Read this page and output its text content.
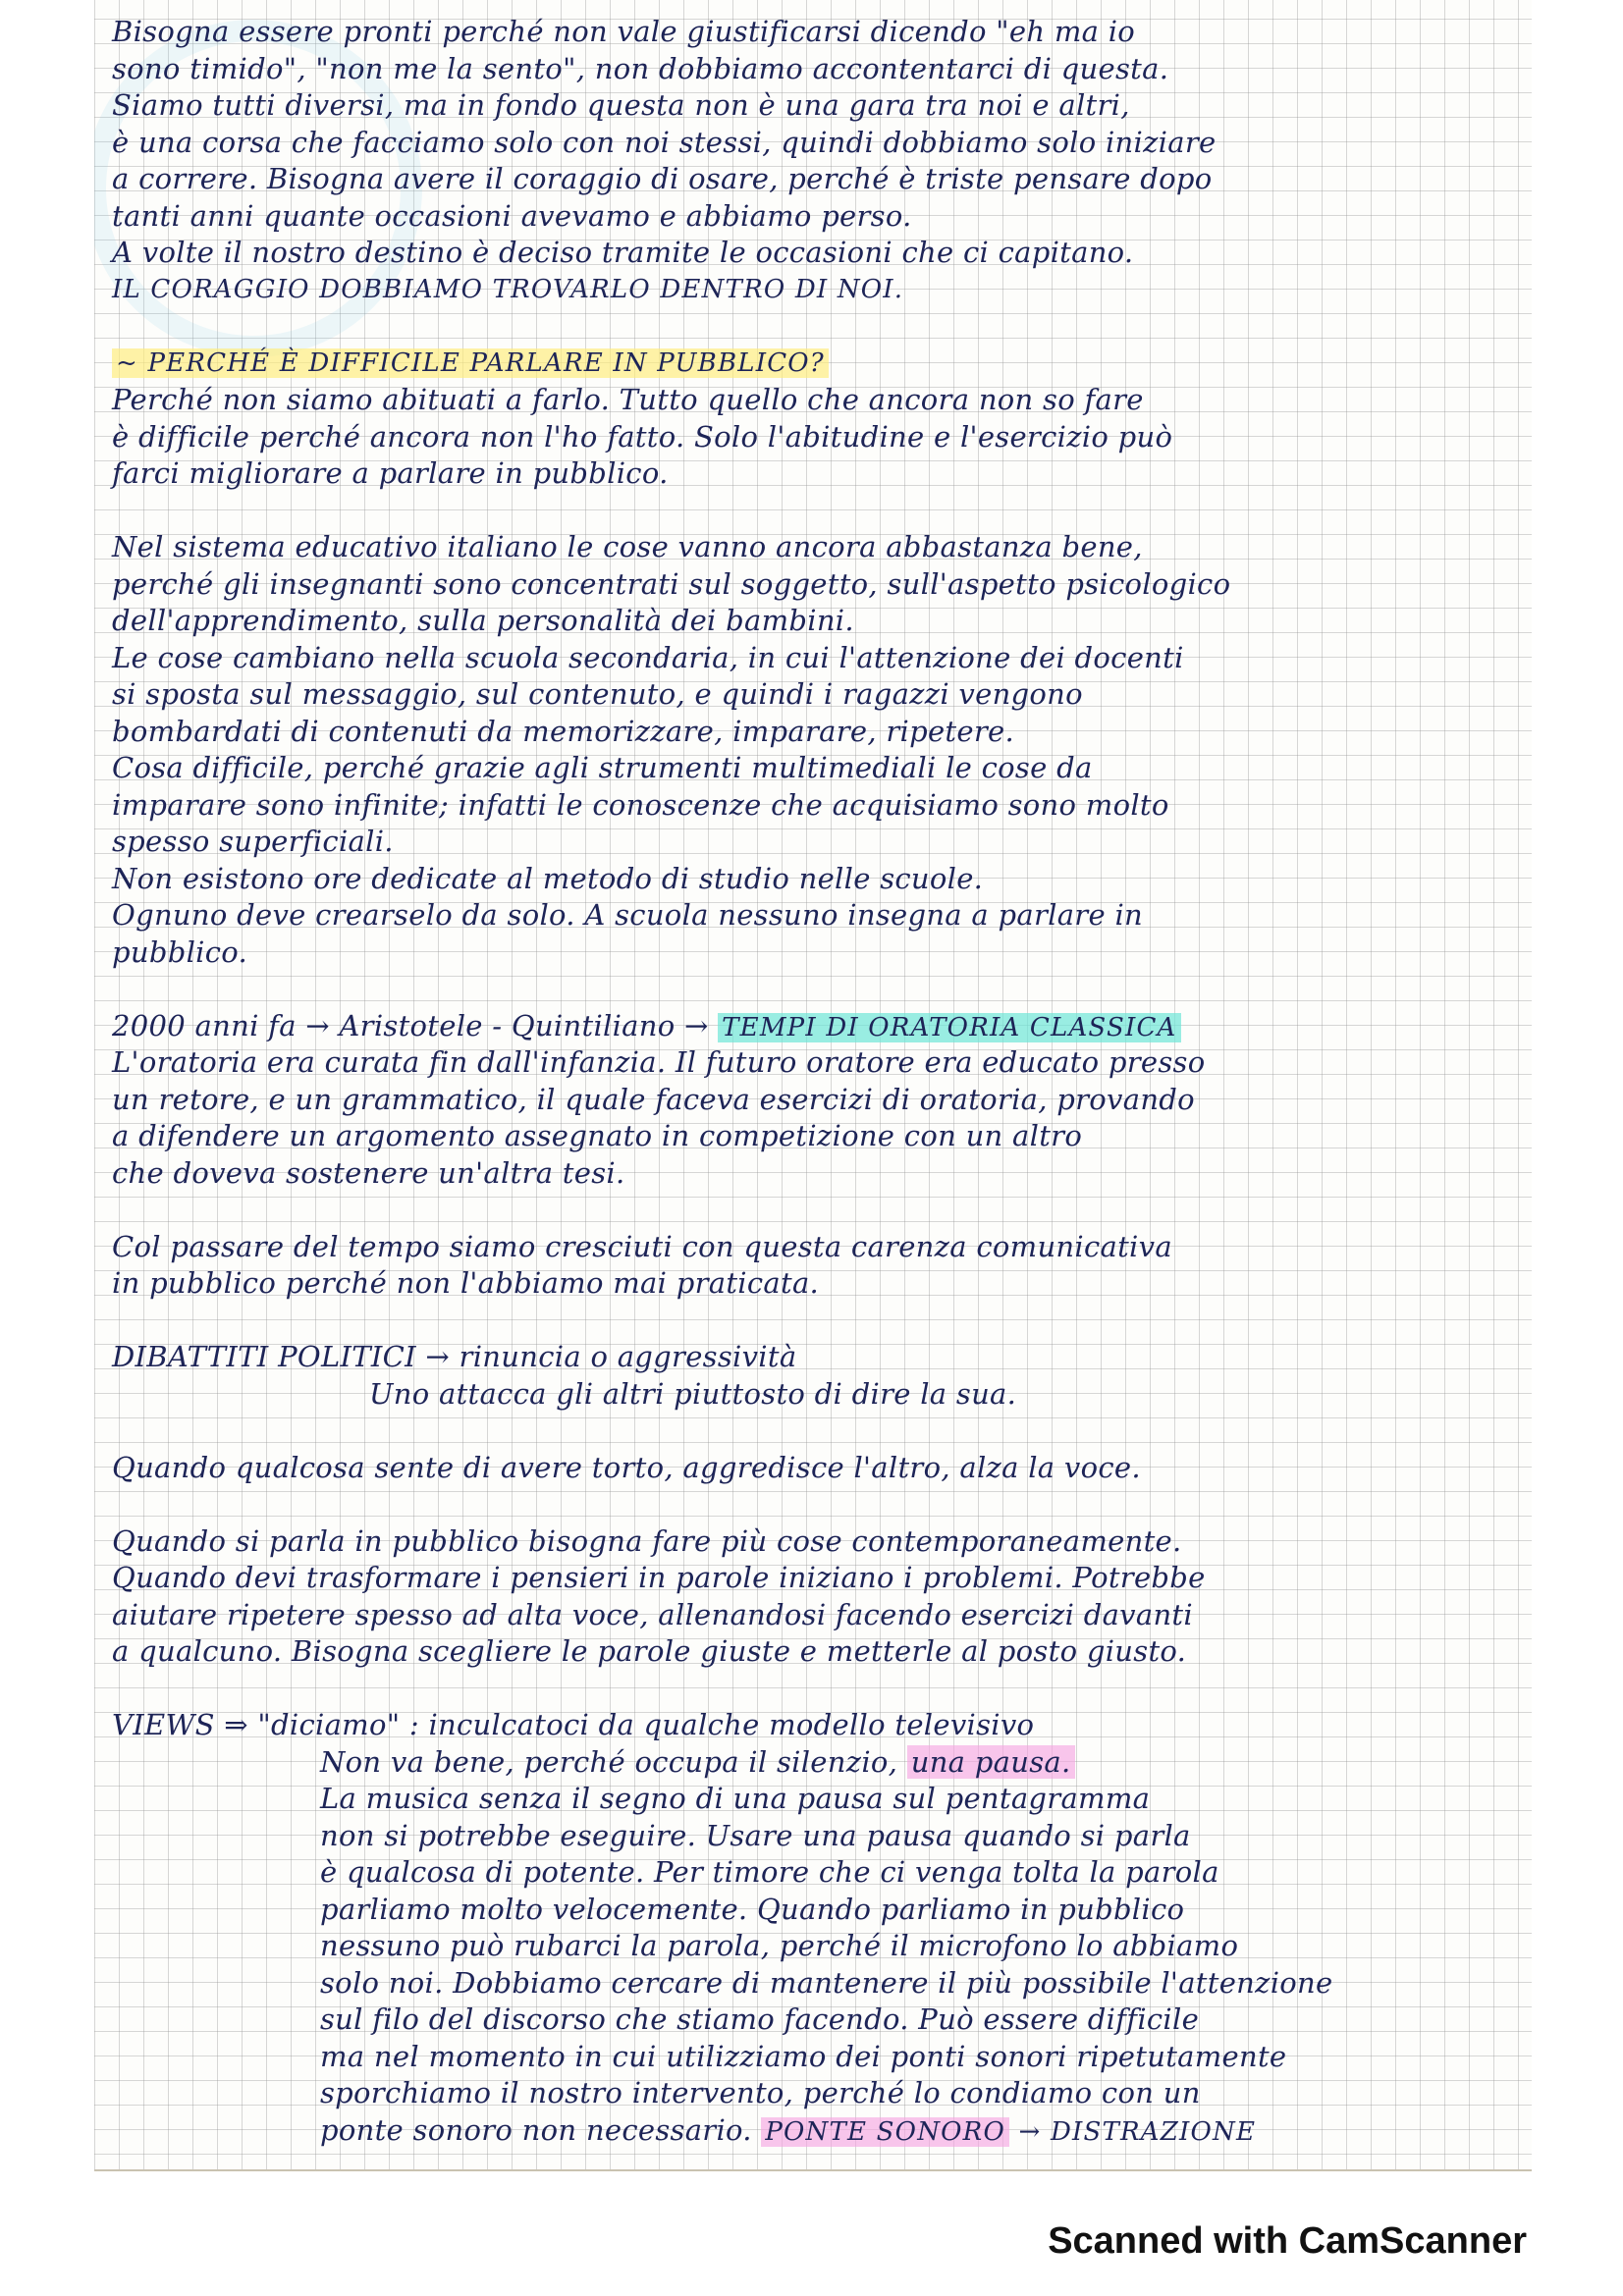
Bisogna essere pronti perché non vale giustificarsi dicendo "eh ma io
sono timido", "non me la sento", non dobbiamo accontentarci di questa.
Siamo tutti diversi, ma in fondo questa non è una gara tra noi e altri,
è una corsa che facciamo solo con noi stessi, quindi dobbiamo solo iniziare
a correre. Bisogna avere il coraggio di osare, perché è triste pensare dopo
tanti anni quante occasioni avevamo e abbiamo perso.
A volte il nostro destino è deciso tramite le occasioni che ci capitano.
IL CORAGGIO DOBBIAMO TROVARLO DENTRO DI NOI.
~ PERCHÉ È DIFFICILE PARLARE IN PUBBLICO?
Perché non siamo abituati a farlo. Tutto quello che ancora non so fare
è difficile perché ancora non l'ho fatto. Solo l'abitudine e l'esercizio può
farci migliorare a parlare in pubblico.
Nel sistema educativo italiano le cose vanno ancora abbastanza bene,
perché gli insegnanti sono concentrati sul soggetto, sull'aspetto psicologico
dell'apprendimento, sulla personalità dei bambini.
Le cose cambiano nella scuola secondaria, in cui l'attenzione dei docenti
si sposta sul messaggio, sul contenuto, e quindi i ragazzi vengono
bombardati di contenuti da memorizzare, imparare, ripetere.
Cosa difficile, perché grazie agli strumenti multimediali le cose da
imparare sono infinite; infatti le conoscenze che acquisiamo sono molto
spesso superficiali.
Non esistono ore dedicate al metodo di studio nelle scuole.
Ognuno deve crearselo da solo. A scuola nessuno insegna a parlare in
pubblico.
2000 anni fa → Aristotele - Quintiliano → TEMPI DI ORATORIA CLASSICA
L'oratoria era curata fin dall'infanzia. Il futuro oratore era educato presso
un retore, e un grammatico, il quale faceva esercizi di oratoria, provando
a difendere un argomento assegnato in competizione con un altro
che doveva sostenere un'altra tesi.
Col passare del tempo siamo cresciuti con questa carenza comunicativa
in pubblico perché non l'abbiamo mai praticata.
DIBATTITI POLITICI → rinuncia o aggressività
Uno attacca gli altri piuttosto di dire la sua.
Quando qualcosa sente di avere torto, aggredisce l'altro, alza la voce.
Quando si parla in pubblico bisogna fare più cose contemporaneamente.
Quando devi trasformare i pensieri in parole iniziano i problemi. Potrebbe
aiutare ripetere spesso ad alta voce, allenandosi facendo esercizi davanti
a qualcuno. Bisogna scegliere le parole giuste e metterle al posto giusto.
VIEWS ⇒ "diciamo" : inculcatoci da qualche modello televisivo
Non va bene, perché occupa il silenzio, una pausa.
La musica senza il segno di una pausa sul pentagramma
non si potrebbe eseguire. Usare una pausa quando si parla
è qualcosa di potente. Per timore che ci venga tolta la parola
parliamo molto velocemente. Quando parliamo in pubblico
nessuno può rubarci la parola, perché il microfono lo abbiamo
solo noi. Dobbiamo cercare di mantenere il più possibile l'attenzione
sul filo del discorso che stiamo facendo. Può essere difficile
ma nel momento in cui utilizziamo dei ponti sonori ripetutamente
sporchiamo il nostro intervento, perché lo condiamo con un
ponte sonoro non necessario. PONTE SONORO → DISTRAZIONE
Scanned with CamScanner
